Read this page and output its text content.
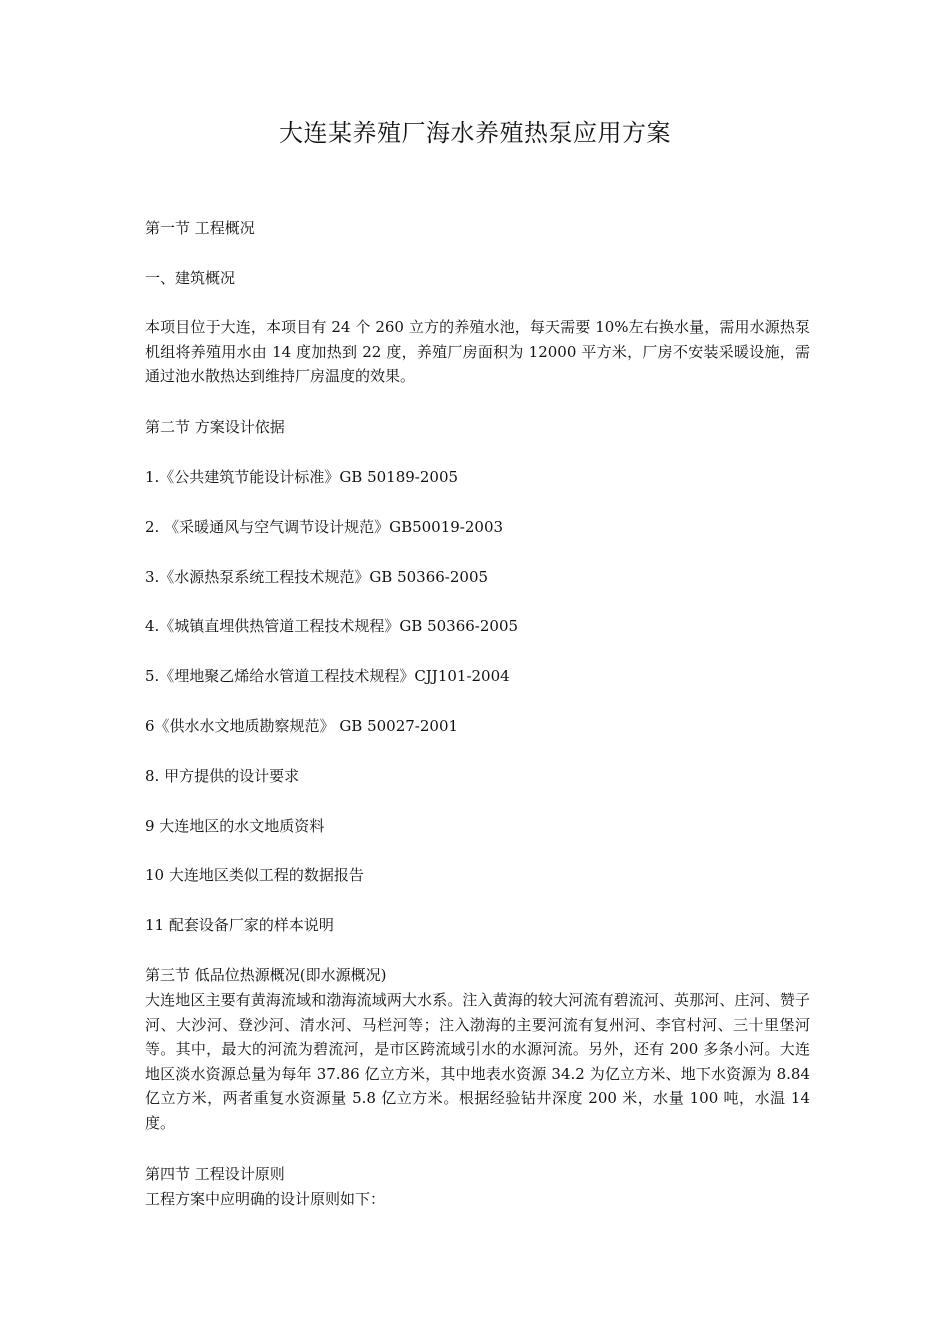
大连某养殖厂海水养殖热泵应用方案
第一节 工程概况
一、建筑概况
本项目位于大连，本项目有 24 个 260 立方的养殖水池，每天需要 10%左右换水量，需用水源热泵机组将养殖用水由 14 度加热到 22 度，养殖厂房面积为 12000 平方米，厂房不安装采暖设施，需通过池水散热达到维持厂房温度的效果。
第二节 方案设计依据
1.《公共建筑节能设计标准》GB 50189-2005
2. 《采暖通风与空气调节设计规范》GB50019-2003
3.《水源热泵系统工程技术规范》GB 50366-2005
4.《城镇直埋供热管道工程技术规程》GB 50366-2005
5.《埋地聚乙烯给水管道工程技术规程》CJJ101-2004
6《供水水文地质勘察规范》 GB 50027-2001
8. 甲方提供的设计要求
9 大连地区的水文地质资料
10 大连地区类似工程的数据报告
11 配套设备厂家的样本说明
第三节 低品位热源概况(即水源概况)
大连地区主要有黄海流域和渤海流域两大水系。注入黄海的较大河流有碧流河、英那河、庄河、赞子河、大沙河、登沙河、清水河、马栏河等；注入渤海的主要河流有复州河、李官村河、三十里堡河等。其中，最大的河流为碧流河，是市区跨流域引水的水源河流。另外，还有 200 多条小河。大连地区淡水资源总量为每年 37.86 亿立方米，其中地表水资源 34.2 为亿立方米、地下水资源为 8.84 亿立方米，两者重复水资源量 5.8 亿立方米。根据经验钻井深度 200 米，水量 100 吨，水温 14 度。
第四节 工程设计原则
工程方案中应明确的设计原则如下：
